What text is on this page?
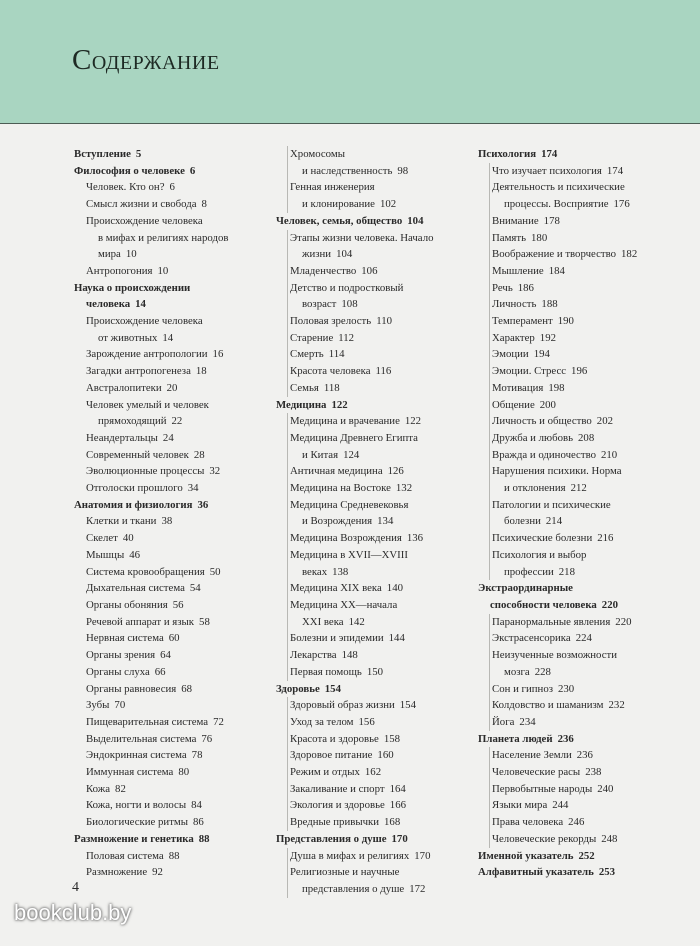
Содержание
Вступление 5
Философия о человеке 6
Человек. Кто он? 6
Смысл жизни и свобода 8
Происхождение человека
в мифах и религиях народов
мира 10
Антропогония 10
Наука о происхождении
человека 14
Происхождение человека
от животных 14
Зарождение антропологии 16
Загадки антропогенеза 18
Австралопитеки 20
Человек умелый и человек
прямоходящий 22
Неандертальцы 24
Современный человек 28
Эволюционные процессы 32
Отголоски прошлого 34
Анатомия и физиология 36
Клетки и ткани 38
Скелет 40
Мышцы 46
Система кровообращения 50
Дыхательная система 54
Органы обоняния 56
Речевой аппарат и язык 58
Нервная система 60
Органы зрения 64
Органы слуха 66
Органы равновесия 68
Зубы 70
Пищеварительная система 72
Выделительная система 76
Эндокринная система 78
Иммунная система 80
Кожа 82
Кожа, ногти и волосы 84
Биологические ритмы 86
Размножение и генетика 88
Половая система 88
Размножение 92
Хромосомы
и наследственность 98
Генная инженерия
и клонирование 102
Человек, семья, общество 104
Этапы жизни человека. Начало
жизни 104
Младенчество 106
Детство и подростковый
возраст 108
Половая зрелость 110
Старение 112
Смерть 114
Красота человека 116
Семья 118
Медицина 122
Медицина и врачевание 122
Медицина Древнего Египта
и Китая 124
Античная медицина 126
Медицина на Востоке 132
Медицина Средневековья
и Возрождения 134
Медицина Возрождения 136
Медицина в XVII—XVIII
веках 138
Медицина XIX века 140
Медицина XX—начала
XXI века 142
Болезни и эпидемии 144
Лекарства 148
Первая помощь 150
Здоровье 154
Здоровый образ жизни 154
Уход за телом 156
Красота и здоровье 158
Здоровое питание 160
Режим и отдых 162
Закаливание и спорт 164
Экология и здоровье 166
Вредные привычки 168
Представления о душе 170
Душа в мифах и религиях 170
Религиозные и научные
представления о душе 172
Психология 174
Что изучает психология 174
Деятельность и психические
процессы. Восприятие 176
Внимание 178
Память 180
Воображение и творчество 182
Мышление 184
Речь 186
Личность 188
Темперамент 190
Характер 192
Эмоции 194
Эмоции. Стресс 196
Мотивация 198
Общение 200
Личность и общество 202
Дружба и любовь 208
Вражда и одиночество 210
Нарушения психики. Норма
и отклонения 212
Патологии и психические
болезни 214
Психические болезни 216
Психология и выбор
профессии 218
Экстраординарные
способности человека 220
Паранормальные явления 220
Экстрасенсорика 224
Неизученные возможности
мозга 228
Сон и гипноз 230
Колдовство и шаманизм 232
Йога 234
Планета людей 236
Население Земли 236
Человеческие расы 238
Первобытные народы 240
Языки мира 244
Права человека 246
Человеческие рекорды 248
Именной указатель 252
Алфавитный указатель 253
4
bookclub.by
